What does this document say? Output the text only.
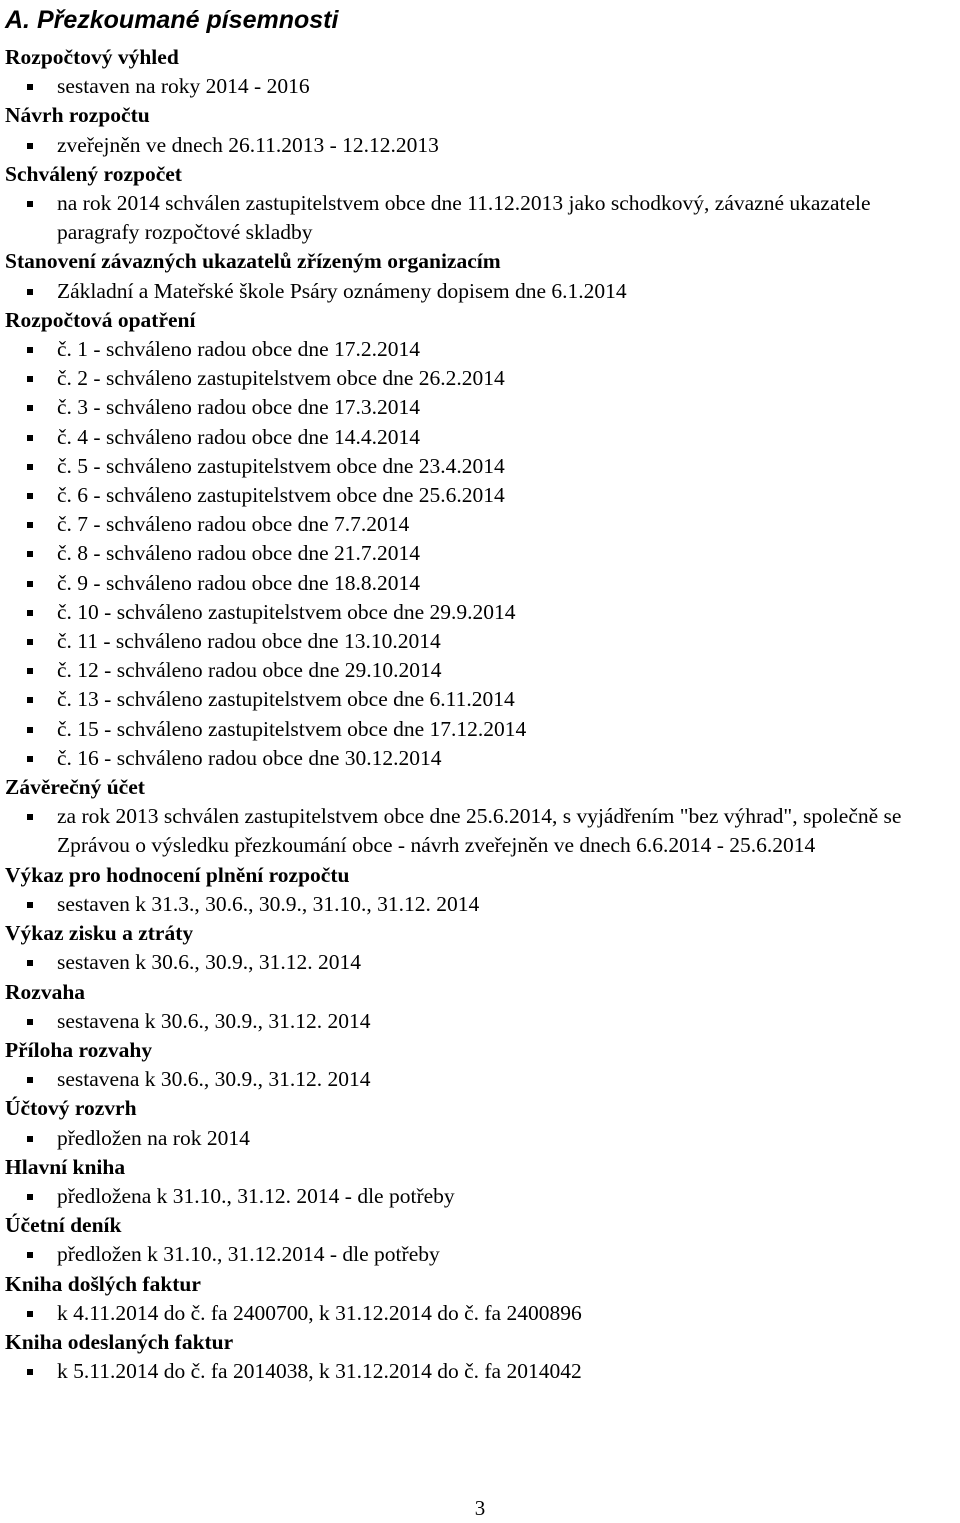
A. Přezkoumané písemnosti
Rozpočtový výhled
sestaven na roky 2014 - 2016
Návrh rozpočtu
zveřejněn ve dnech 26.11.2013 - 12.12.2013
Schválený rozpočet
na rok 2014 schválen zastupitelstvem obce dne 11.12.2013 jako schodkový, závazné ukazatele paragrafy rozpočtové skladby
Stanovení závazných ukazatelů zřízeným organizacím
Základní a Mateřské škole Psáry oznámeny dopisem dne 6.1.2014
Rozpočtová opatření
č. 1 - schváleno radou obce dne 17.2.2014
č. 2 - schváleno zastupitelstvem obce dne 26.2.2014
č. 3 - schváleno radou obce dne 17.3.2014
č. 4 - schváleno radou obce dne 14.4.2014
č. 5 - schváleno zastupitelstvem obce dne 23.4.2014
č. 6 - schváleno zastupitelstvem obce dne 25.6.2014
č. 7 - schváleno radou obce dne 7.7.2014
č. 8 - schváleno radou obce dne 21.7.2014
č. 9 - schváleno radou obce dne 18.8.2014
č. 10 - schváleno zastupitelstvem obce dne 29.9.2014
č. 11 - schváleno radou obce dne 13.10.2014
č. 12 - schváleno radou obce dne 29.10.2014
č. 13 - schváleno zastupitelstvem obce dne 6.11.2014
č. 15 - schváleno zastupitelstvem obce dne 17.12.2014
č. 16 - schváleno radou obce dne 30.12.2014
Závěrečný účet
za rok 2013 schválen zastupitelstvem obce dne 25.6.2014, s vyjádřením "bez výhrad", společně se Zprávou o výsledku přezkoumání obce - návrh zveřejněn ve dnech 6.6.2014 - 25.6.2014
Výkaz pro hodnocení plnění rozpočtu
sestaven k 31.3., 30.6., 30.9., 31.10., 31.12. 2014
Výkaz zisku a ztráty
sestaven k 30.6., 30.9., 31.12. 2014
Rozvaha
sestavena k 30.6., 30.9., 31.12. 2014
Příloha rozvahy
sestavena k 30.6., 30.9., 31.12. 2014
Účtový rozvrh
předložen na rok 2014
Hlavní kniha
předložena k 31.10., 31.12. 2014 - dle potřeby
Účetní deník
předložen k 31.10., 31.12.2014 - dle potřeby
Kniha došlých faktur
k 4.11.2014 do č. fa 2400700, k 31.12.2014 do č. fa 2400896
Kniha odeslaných faktur
k 5.11.2014 do č. fa 2014038, k 31.12.2014 do č. fa 2014042
3
